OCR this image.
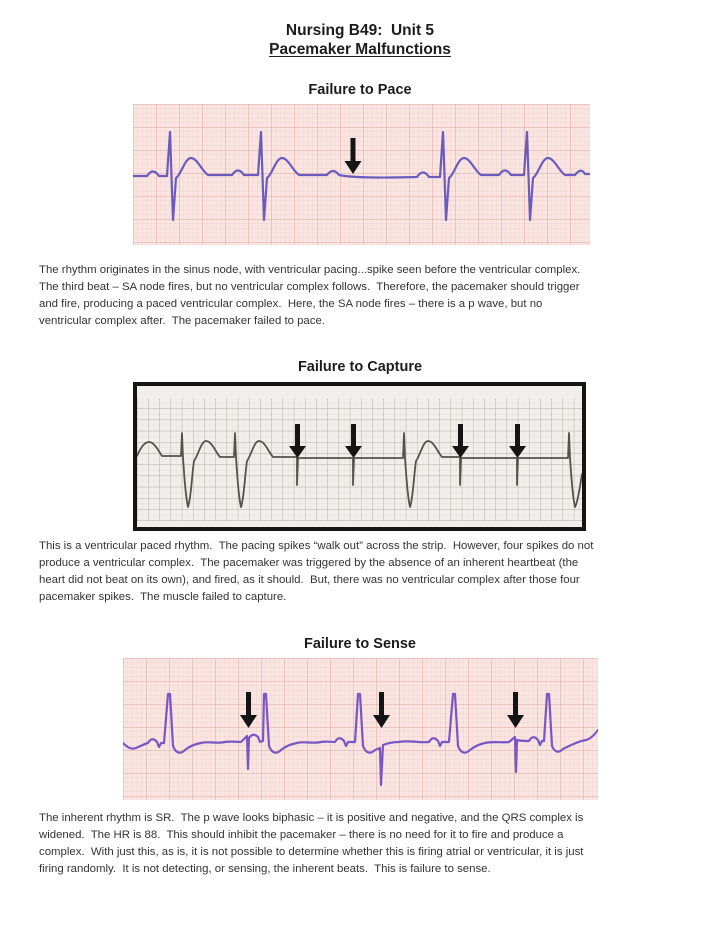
Nursing B49:  Unit 5
Pacemaker Malfunctions
Failure to Pace
The rhythm originates in the sinus node, with ventricular pacing...spike seen before the ventricular complex.
The third beat – SA node fires, but no ventricular complex follows.  Therefore, the pacemaker should trigger
and fire, producing a paced ventricular complex.  Here, the SA node fires – there is a p wave, but no
ventricular complex after.  The pacemaker failed to pace.
Failure to Capture
This is a ventricular paced rhythm.  The pacing spikes “walk out” across the strip.  However, four spikes do not
produce a ventricular complex.  The pacemaker was triggered by the absence of an inherent heartbeat (the
heart did not beat on its own), and fired, as it should.  But, there was no ventricular complex after those four
pacemaker spikes.  The muscle failed to capture.
Failure to Sense
The inherent rhythm is SR.  The p wave looks biphasic – it is positive and negative, and the QRS complex is
widened.  The HR is 88.  This should inhibit the pacemaker – there is no need for it to fire and produce a
complex.  With just this, as is, it is not possible to determine whether this is firing atrial or ventricular, it is just
firing randomly.  It is not detecting, or sensing, the inherent beats.  This is failure to sense.
